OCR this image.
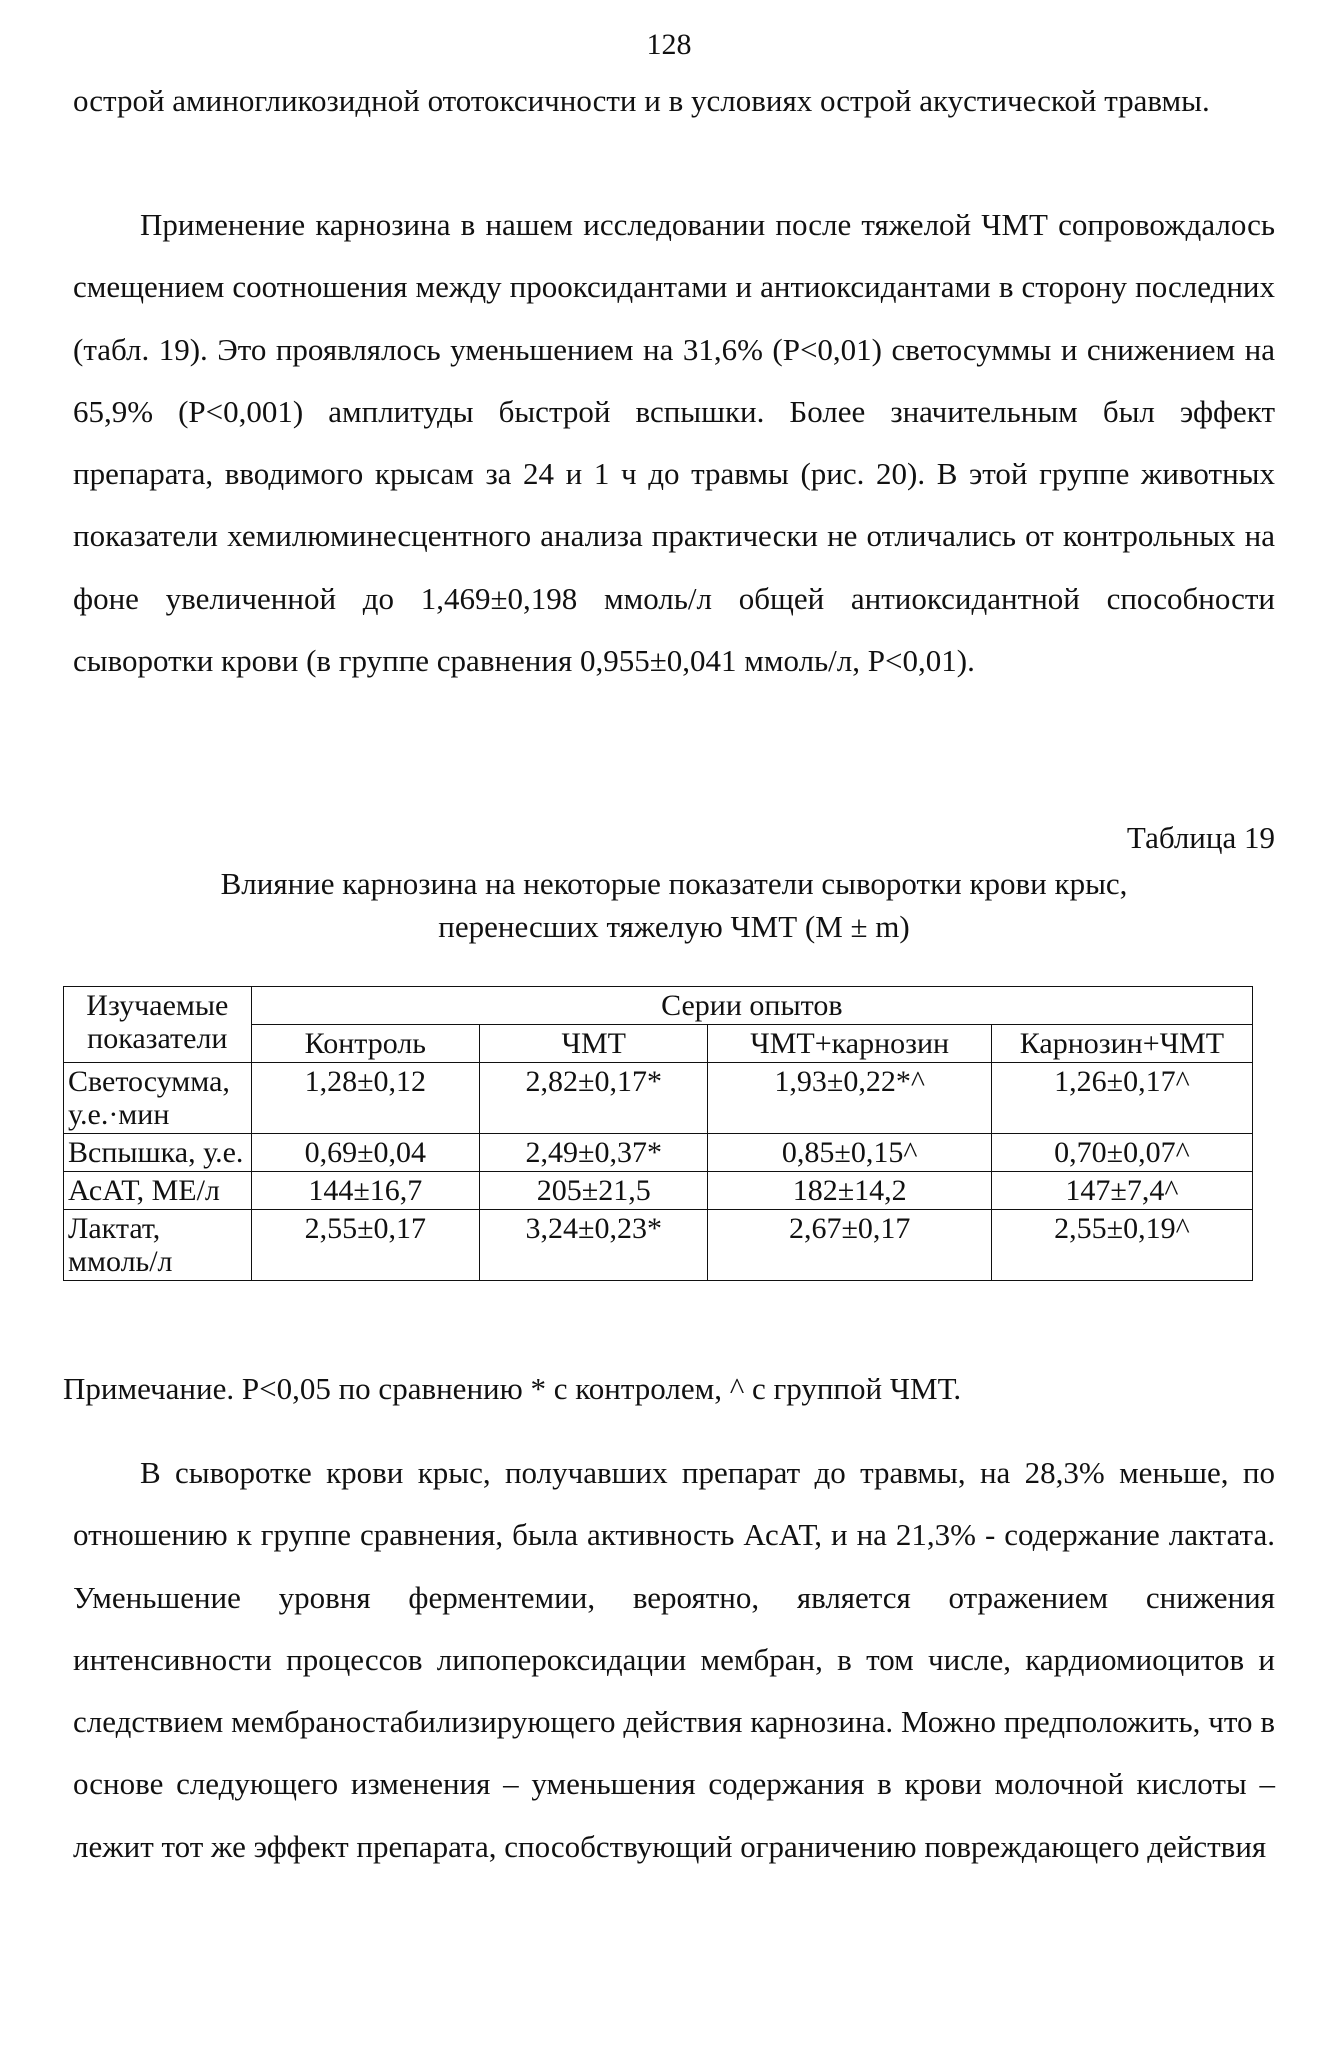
128

острой аминогликозидной ототоксичности и в условиях острой акустической травмы.

Применение карнозина в нашем исследовании после тяжелой ЧМТ сопровождалось смещением соотношения между прооксидантами и антиоксидантами в сторону последних (табл. 19). Это проявлялось уменьшением на 31,6% (Р<0,01) светосуммы и снижением на 65,9% (Р<0,001) амплитуды быстрой вспышки. Более значительным был эффект препарата, вводимого крысам за 24 и 1 ч до травмы (рис. 20). В этой группе животных показатели хемилюминесцентного анализа практически не отличались от контрольных на фоне увеличенной до 1,469±0,198 ммоль/л общей антиоксидантной способности сыворотки крови (в группе сравнения 0,955±0,041 ммоль/л, Р<0,01).

Таблица 19
Влияние карнозина на некоторые показатели сыворотки крови крыс,
перенесших тяжелую ЧМТ (M ± m)
Изучаемые показатели	Серии опытов			
	Контроль	ЧМТ	ЧМТ+карнозин	Карнозин+ЧМТ
Светосумма, у.е.·мин	1,28±0,12	2,82±0,17*	1,93±0,22*^	1,26±0,17^
Вспышка, у.е.	0,69±0,04	2,49±0,37*	0,85±0,15^	0,70±0,07^
АсАТ, МЕ/л	144±16,7	205±21,5	182±14,2	147±7,4^
Лактат, ммоль/л	2,55±0,17	3,24±0,23*	2,67±0,17	2,55±0,19^
Примечание. Р<0,05 по сравнению * с контролем, ^ с группой ЧМТ.

В сыворотке крови крыс, получавших препарат до травмы, на 28,3% меньше, по отношению к группе сравнения, была активность АсАТ, и на 21,3% - содержание лактата. Уменьшение уровня ферментемии, вероятно, является отражением снижения интенсивности процессов липопероксидации мембран, в том числе, кардиомиоцитов и следствием мембраностабилизирующего действия карнозина. Можно предположить, что в основе следующего изменения – уменьшения содержания в крови молочной кислоты – лежит тот же эффект препарата, способствующий ограничению повреждающего действия
